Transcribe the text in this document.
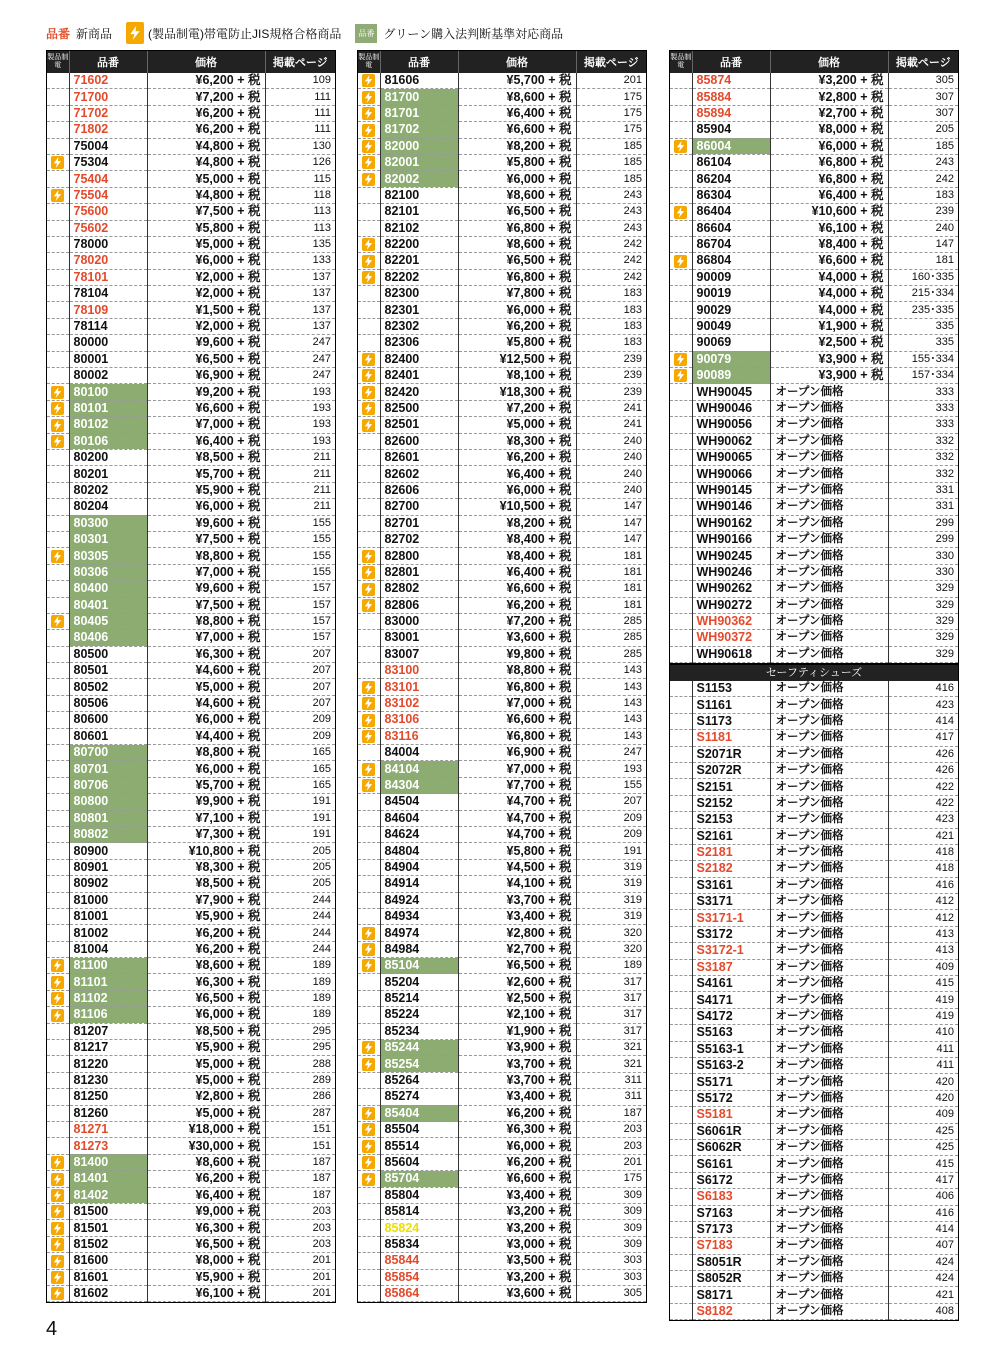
品番 新商品	(製品制電)帯電防止JIS規格合格商品	品番 グリーン購入法判断基準対応商品
製品制電	品番	価格	掲載ページ
	71602	¥6,200 + 税	109
	71700	¥7,200 + 税	111
	71702	¥6,200 + 税	111
	71802	¥6,200 + 税	111
	75004	¥4,800 + 税	130

	75304	¥4,800 + 税	126
	75404	¥5,000 + 税	115

	75504	¥4,800 + 税	118
	75600	¥7,500 + 税	113
	75602	¥5,800 + 税	113
	78000	¥5,000 + 税	135
	78020	¥6,000 + 税	133
	78101	¥2,000 + 税	137
	78104	¥2,000 + 税	137
	78109	¥1,500 + 税	137
	78114	¥2,000 + 税	137
	80000	¥9,600 + 税	247
	80001	¥6,500 + 税	247
	80002	¥6,900 + 税	247

	80100	¥9,200 + 税	193

	80101	¥6,600 + 税	193

	80102	¥7,000 + 税	193

	80106	¥6,400 + 税	193
	80200	¥8,500 + 税	211
	80201	¥5,700 + 税	211
	80202	¥5,900 + 税	211
	80204	¥6,000 + 税	211
	80300	¥9,600 + 税	155
	80301	¥7,500 + 税	155

	80305	¥8,800 + 税	155
	80306	¥7,000 + 税	155
	80400	¥9,600 + 税	157
	80401	¥7,500 + 税	157

	80405	¥8,800 + 税	157
	80406	¥7,000 + 税	157
	80500	¥6,300 + 税	207
	80501	¥4,600 + 税	207
	80502	¥5,000 + 税	207
	80506	¥4,600 + 税	207
	80600	¥6,000 + 税	209
	80601	¥4,400 + 税	209
	80700	¥8,800 + 税	165
	80701	¥6,000 + 税	165
	80706	¥5,700 + 税	165
	80800	¥9,900 + 税	191
	80801	¥7,100 + 税	191
	80802	¥7,300 + 税	191
	80900	¥10,800 + 税	205
	80901	¥8,300 + 税	205
	80902	¥8,500 + 税	205
	81000	¥7,900 + 税	244
	81001	¥5,900 + 税	244
	81002	¥6,200 + 税	244
	81004	¥6,200 + 税	244

	81100	¥8,600 + 税	189

	81101	¥6,300 + 税	189

	81102	¥6,500 + 税	189

	81106	¥6,000 + 税	189
	81207	¥8,500 + 税	295
	81217	¥5,900 + 税	295
	81220	¥5,000 + 税	288
	81230	¥5,000 + 税	289
	81250	¥2,800 + 税	286
	81260	¥5,000 + 税	287
	81271	¥18,000 + 税	151
	81273	¥30,000 + 税	151

	81400	¥8,600 + 税	187

	81401	¥6,200 + 税	187

	81402	¥6,400 + 税	187

	81500	¥9,000 + 税	203

	81501	¥6,300 + 税	203

	81502	¥6,500 + 税	203

	81600	¥8,000 + 税	201

	81601	¥5,900 + 税	201

	81602	¥6,100 + 税	201
製品制電	品番	価格	掲載ページ

	81606	¥5,700 + 税	201

	81700	¥8,600 + 税	175

	81701	¥6,400 + 税	175

	81702	¥6,600 + 税	175

	82000	¥8,200 + 税	185

	82001	¥5,800 + 税	185

	82002	¥6,000 + 税	185
	82100	¥8,600 + 税	243
	82101	¥6,500 + 税	243
	82102	¥6,800 + 税	243

	82200	¥8,600 + 税	242

	82201	¥6,500 + 税	242

	82202	¥6,800 + 税	242
	82300	¥7,800 + 税	183
	82301	¥6,000 + 税	183
	82302	¥6,200 + 税	183
	82306	¥5,800 + 税	183

	82400	¥12,500 + 税	239

	82401	¥8,100 + 税	239

	82420	¥18,300 + 税	239

	82500	¥7,200 + 税	241

	82501	¥5,000 + 税	241
	82600	¥8,300 + 税	240
	82601	¥6,200 + 税	240
	82602	¥6,400 + 税	240
	82606	¥6,000 + 税	240
	82700	¥10,500 + 税	147
	82701	¥8,200 + 税	147
	82702	¥8,400 + 税	147

	82800	¥8,400 + 税	181

	82801	¥6,400 + 税	181

	82802	¥6,600 + 税	181

	82806	¥6,200 + 税	181
	83000	¥7,200 + 税	285
	83001	¥3,600 + 税	285
	83007	¥9,800 + 税	285
	83100	¥8,800 + 税	143

	83101	¥6,800 + 税	143

	83102	¥7,000 + 税	143

	83106	¥6,600 + 税	143

	83116	¥6,800 + 税	143
	84004	¥6,900 + 税	247

	84104	¥7,000 + 税	193

	84304	¥7,700 + 税	155
	84504	¥4,700 + 税	207
	84604	¥4,700 + 税	209
	84624	¥4,700 + 税	209
	84804	¥5,800 + 税	191
	84904	¥4,500 + 税	319
	84914	¥4,100 + 税	319
	84924	¥3,700 + 税	319
	84934	¥3,400 + 税	319

	84974	¥2,800 + 税	320

	84984	¥2,700 + 税	320

	85104	¥6,500 + 税	189
	85204	¥2,600 + 税	317
	85214	¥2,500 + 税	317
	85224	¥2,100 + 税	317
	85234	¥1,900 + 税	317

	85244	¥3,900 + 税	321

	85254	¥3,700 + 税	321
	85264	¥3,700 + 税	311
	85274	¥3,400 + 税	311

	85404	¥6,200 + 税	187

	85504	¥6,300 + 税	203

	85514	¥6,000 + 税	203

	85604	¥6,200 + 税	201

	85704	¥6,600 + 税	175
	85804	¥3,400 + 税	309
	85814	¥3,200 + 税	309
	85824	¥3,200 + 税	309
	85834	¥3,000 + 税	309
	85844	¥3,500 + 税	303
	85854	¥3,200 + 税	303
	85864	¥3,600 + 税	305
製品制電	品番	価格	掲載ページ
	85874	¥3,200 + 税	305
	85884	¥2,800 + 税	307
	85894	¥2,700 + 税	307
	85904	¥8,000 + 税	205

	86004	¥6,000 + 税	185
	86104	¥6,800 + 税	243
	86204	¥6,800 + 税	242
	86304	¥6,400 + 税	183

	86404	¥10,600 + 税	239
	86604	¥6,100 + 税	240
	86704	¥8,400 + 税	147

	86804	¥6,600 + 税	181
	90009	¥4,000 + 税	160･335
	90019	¥4,000 + 税	215･334
	90029	¥4,000 + 税	235･335
	90049	¥1,900 + 税	335
	90069	¥2,500 + 税	335

	90079	¥3,900 + 税	155･334

	90089	¥3,900 + 税	157･334
	WH90045	オープン価格	333
	WH90046	オープン価格	333
	WH90056	オープン価格	333
	WH90062	オープン価格	332
	WH90065	オープン価格	332
	WH90066	オープン価格	332
	WH90145	オープン価格	331
	WH90146	オープン価格	331
	WH90162	オープン価格	299
	WH90166	オープン価格	299
	WH90245	オープン価格	330
	WH90246	オープン価格	330
	WH90262	オープン価格	329
	WH90272	オープン価格	329
	WH90362	オープン価格	329
	WH90372	オープン価格	329
	WH90618	オープン価格	329
セーフティシューズ
	S1153	オープン価格	416
	S1161	オープン価格	423
	S1173	オープン価格	414
	S1181	オープン価格	417
	S2071R	オープン価格	426
	S2072R	オープン価格	426
	S2151	オープン価格	422
	S2152	オープン価格	422
	S2153	オープン価格	423
	S2161	オープン価格	421
	S2181	オープン価格	418
	S2182	オープン価格	418
	S3161	オープン価格	416
	S3171	オープン価格	412
	S3171-1	オープン価格	412
	S3172	オープン価格	413
	S3172-1	オープン価格	413
	S3187	オープン価格	409
	S4161	オープン価格	415
	S4171	オープン価格	419
	S4172	オープン価格	419
	S5163	オープン価格	410
	S5163-1	オープン価格	411
	S5163-2	オープン価格	411
	S5171	オープン価格	420
	S5172	オープン価格	420
	S5181	オープン価格	409
	S6061R	オープン価格	425
	S6062R	オープン価格	425
	S6161	オープン価格	415
	S6172	オープン価格	417
	S6183	オープン価格	406
	S7163	オープン価格	416
	S7173	オープン価格	414
	S7183	オープン価格	407
	S8051R	オープン価格	424
	S8052R	オープン価格	424
	S8171	オープン価格	421
	S8182	オープン価格	408
4
